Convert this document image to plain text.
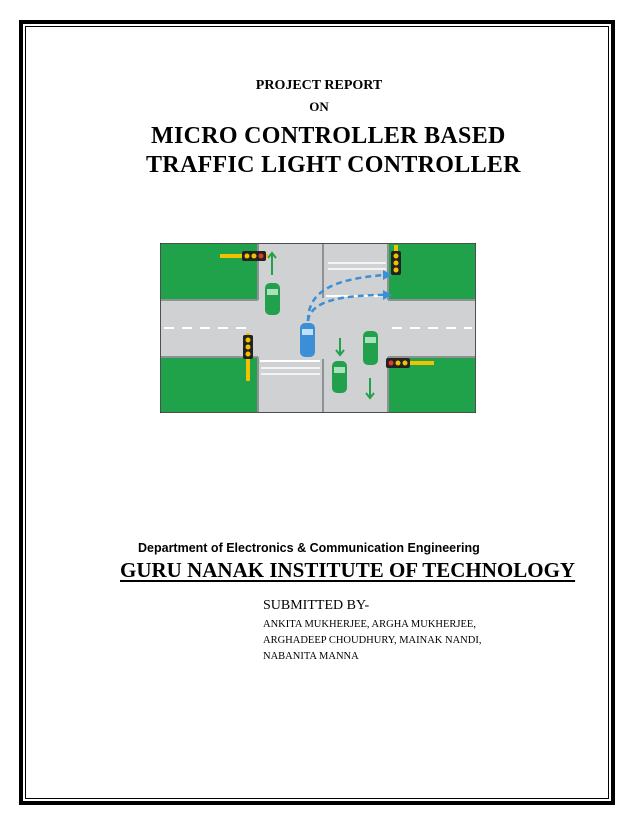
PROJECT REPORT
ON
MICRO CONTROLLER BASED
TRAFFIC LIGHT CONTROLLER
Department of Electronics & Communication Engineering
GURU NANAK INSTITUTE OF TECHNOLOGY
SUBMITTED BY-
ANKITA MUKHERJEE, ARGHA MUKHERJEE,
ARGHADEEP CHOUDHURY, MAINAK NANDI,
NABANITA MANNA
